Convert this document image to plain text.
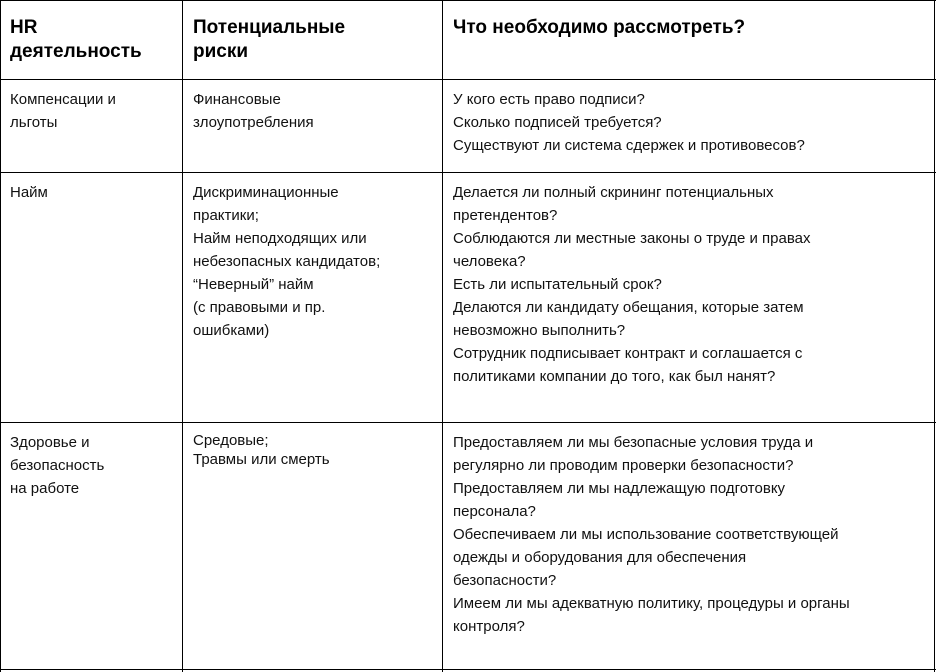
HR
деятельность
Потенциальные
риски
Что необходимо рассмотреть?
Компенсации и
льготы
Финансовые
злоупотребления
У кого есть право подписи?
Сколько подписей требуется?
Существуют ли система сдержек и противовесов?
Найм	Дискриминационные
практики;
Найм неподходящих или
небезопасных кандидатов;
“Неверный” найм
(с правовыми и пр.
ошибками)
Делается ли полный скрининг потенциальных
претендентов?
Соблюдаются ли местные законы о труде и правах
человека?
Есть ли испытательный срок?
Делаются ли кандидату обещания, которые затем
невозможно выполнить?
Сотрудник подписывает контракт и соглашается с
политиками компании до того, как был нанят?
Здоровье и
безопасность
на работе
Средовые;
Травмы или смерть
Предоставляем ли мы безопасные условия труда и
регулярно ли проводим проверки безопасности?
Предоставляем ли мы надлежащую подготовку
персонала?
Обеспечиваем ли мы использование соответствующей
одежды и оборудования для обеспечения
безопасности?
Имеем ли мы адекватную политику, процедуры и органы
контроля?
